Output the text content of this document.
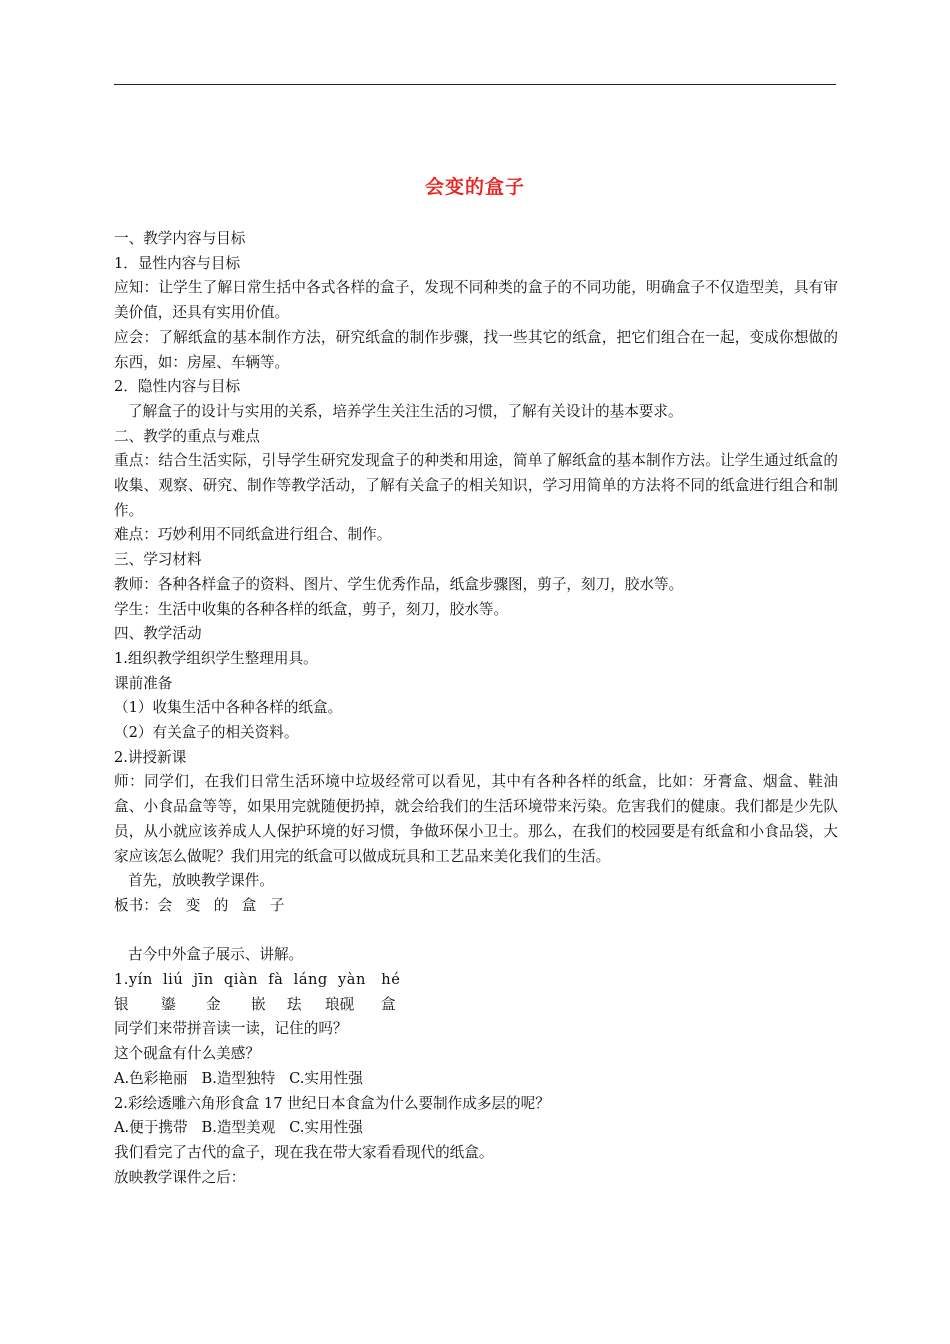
会变的盒子

一、教学内容与目标

1．显性内容与目标

应知：让学生了解日常生括中各式各样的盒子，发现不同种类的盒子的不同功能，明确盒子不仅造型美，具有审美价值，还具有实用价值。

应会：了解纸盒的基本制作方法，研究纸盒的制作步骤，找一些其它的纸盒，把它们组合在一起，变成你想做的东西，如：房屋、车辆等。

2．隐性内容与目标

了解盒子的设计与实用的关系，培养学生关注生活的习惯，了解有关设计的基本要求。

二、教学的重点与难点

重点：结合生活实际，引导学生研究发现盒子的种类和用途，简单了解纸盒的基本制作方法。让学生通过纸盒的收集、观察、研究、制作等教学活动，了解有关盒子的相关知识，学习用简单的方法将不同的纸盒进行组合和制作。

难点：巧妙利用不同纸盒进行组合、制作。

三、学习材料

教师：各种各样盒子的资料、图片、学生优秀作品，纸盒步骤图，剪子，刻刀，胶水等。

学生：生活中收集的各种各样的纸盒，剪子，刻刀，胶水等。

四、教学活动

1.组织教学组织学生整理用具。

课前准备

（1）收集生活中各种各样的纸盒。

（2）有关盒子的相关资料。

2.讲授新课

师：同学们，在我们日常生活环境中垃圾经常可以看见，其中有各种各样的纸盒，比如：牙膏盒、烟盒、鞋油盒、小食品盒等等，如果用完就随便扔掉，就会给我们的生活环境带来污染。危害我们的健康。我们都是少先队员，从小就应该养成人人保护环境的好习惯，争做环保小卫士。那么，在我们的校园要是有纸盒和小食品袋，大家应该怎么做呢？我们用完的纸盒可以做成玩具和工艺品来美化我们的生活。

首先，放映教学课件。

板书：会 变 的 盒 子

古今中外盒子展示、讲解。

1.yín  liú  jīn  qiàn  fà  láng  yàn   hé

银 鎏 金 嵌 珐 琅砚 盒

同学们来带拼音读一读，记住的吗？

这个砚盒有什么美感？

A.色彩艳丽   B.造型独特   C.实用性强

2.彩绘透雕六角形食盒 17 世纪日本食盒为什么要制作成多层的呢？

A.便于携带   B.造型美观   C.实用性强

我们看完了古代的盒子，现在我在带大家看看现代的纸盒。

放映教学课件之后：
